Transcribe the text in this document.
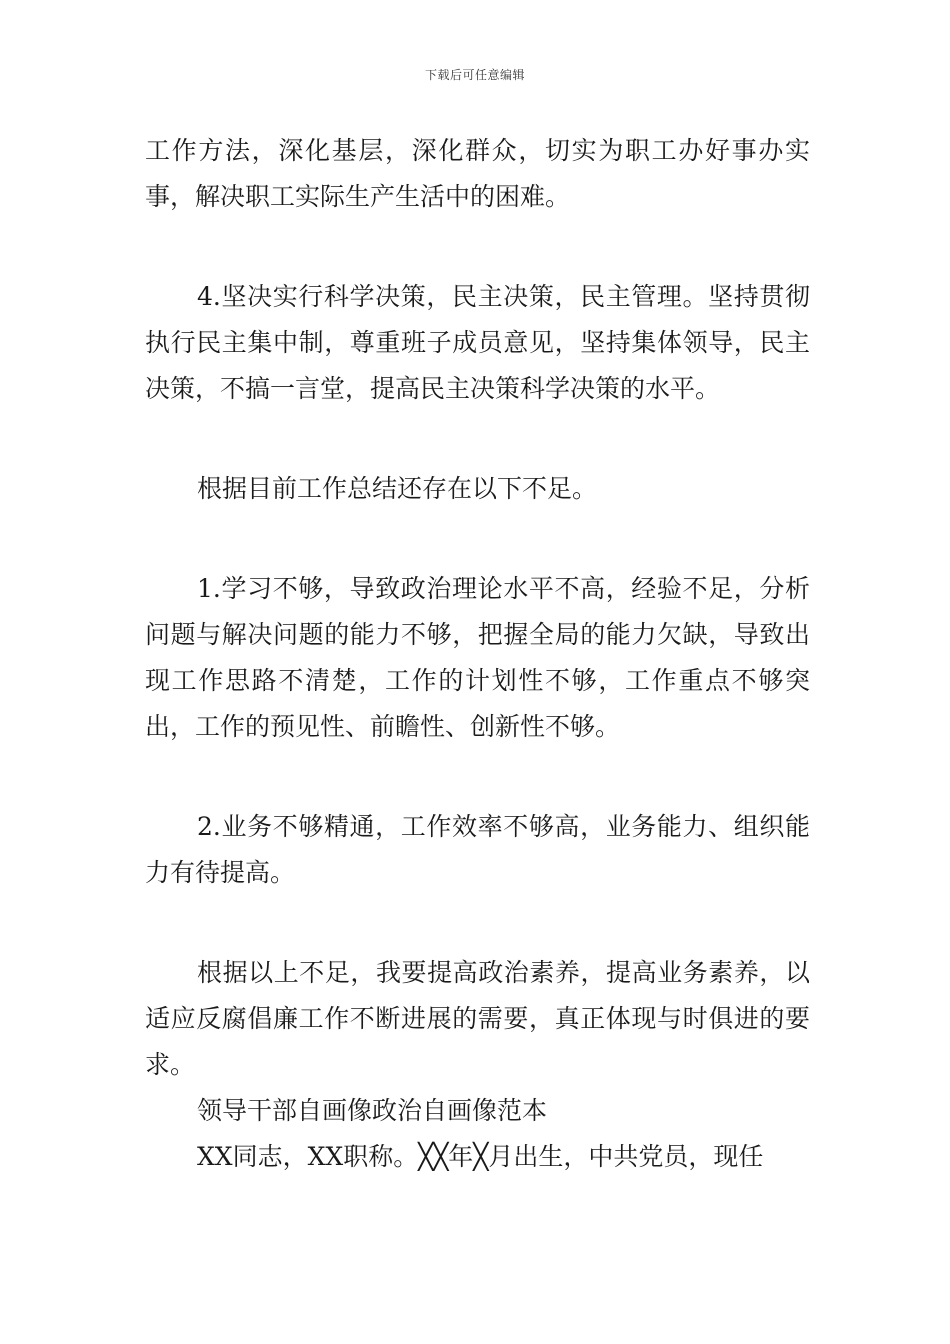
下载后可任意编辑

工作方法，深化基层，深化群众，切实为职工办好事办实事，解决职工实际生产生活中的困难。

4.坚决实行科学决策，民主决策，民主管理。坚持贯彻执行民主集中制，尊重班子成员意见，坚持集体领导，民主决策，不搞一言堂，提高民主决策科学决策的水平。

根据目前工作总结还存在以下不足。

1.学习不够，导致政治理论水平不高，经验不足，分析问题与解决问题的能力不够，把握全局的能力欠缺，导致出现工作思路不清楚，工作的计划性不够，工作重点不够突出，工作的预见性、前瞻性、创新性不够。

2.业务不够精通，工作效率不够高，业务能力、组织能力有待提高。

根据以上不足，我要提高政治素养，提高业务素养，以适应反腐倡廉工作不断进展的需要，真正体现与时俱进的要求。

领导干部自画像政治自画像范本

XX同志，XX职称。╳╳年╳月出生，中共党员，现任
